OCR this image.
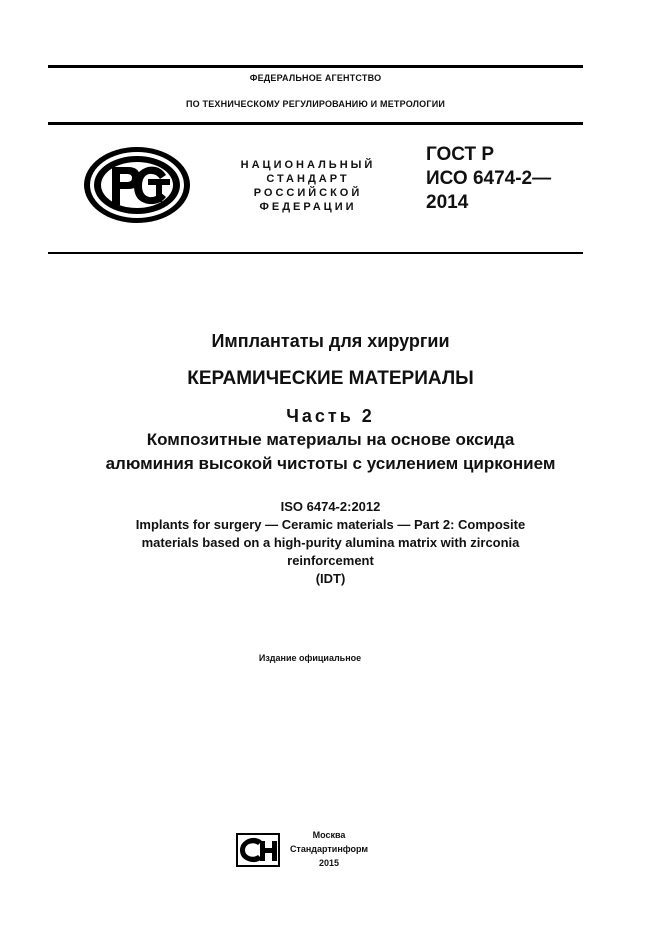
ФЕДЕРАЛЬНОЕ АГЕНТСТВО
ПО ТЕХНИЧЕСКОМУ РЕГУЛИРОВАНИЮ И МЕТРОЛОГИИ
НАЦИОНАЛЬНЫЙ
СТАНДАРТ
РОССИЙСКОЙ
ФЕДЕРАЦИИ
ГОСТ Р
ИСО 6474-2—
2014
Имплантаты для хирургии
КЕРАМИЧЕСКИЕ МАТЕРИАЛЫ
Часть 2
Композитные материалы на основе оксида
алюминия высокой чистоты с усилением цирконием
ISO 6474-2:2012
Implants for surgery — Ceramic materials — Part 2: Composite
materials based on a high-purity alumina matrix with zirconia
reinforcement
(IDT)
Издание официальное
Москва
Стандартинформ
2015
